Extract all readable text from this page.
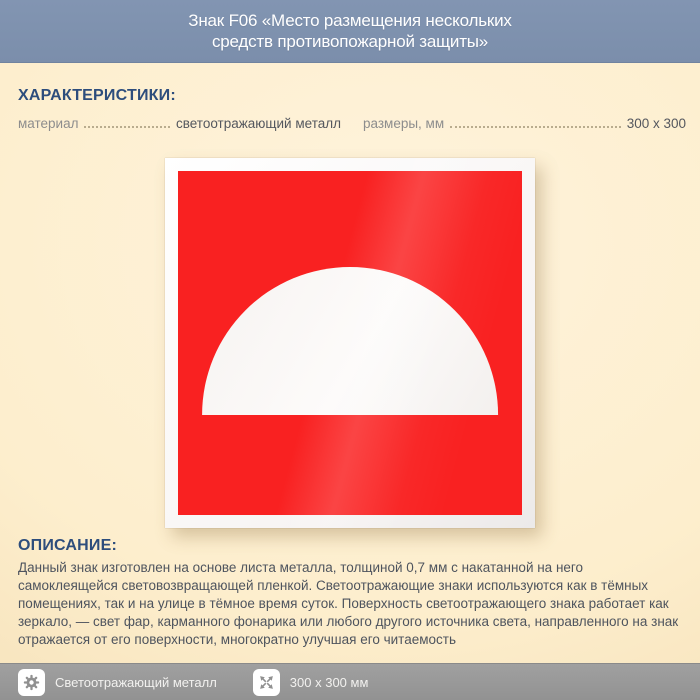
Знак F06 «Место размещения нескольких
средств противопожарной защиты»
ХАРАКТЕРИСТИКИ:
материал	светоотражающий металл размеры, мм	300 x 300
ОПИСАНИЕ:
Данный знак изготовлен на основе листа металла, толщиной 0,7 мм с накатанной на него самоклеящейся световозвращающей пленкой. Светоотражающие знаки используются как в тёмных помещениях, так и на улице в тёмное время суток. Поверхность светоотражающего знака работает как зеркало, — свет фар, карманного фонарика или любого другого источника света, направленного на знак отражается от его поверхности, многократно улучшая его читаемость
Светоотражающий металл	300 x 300 мм
